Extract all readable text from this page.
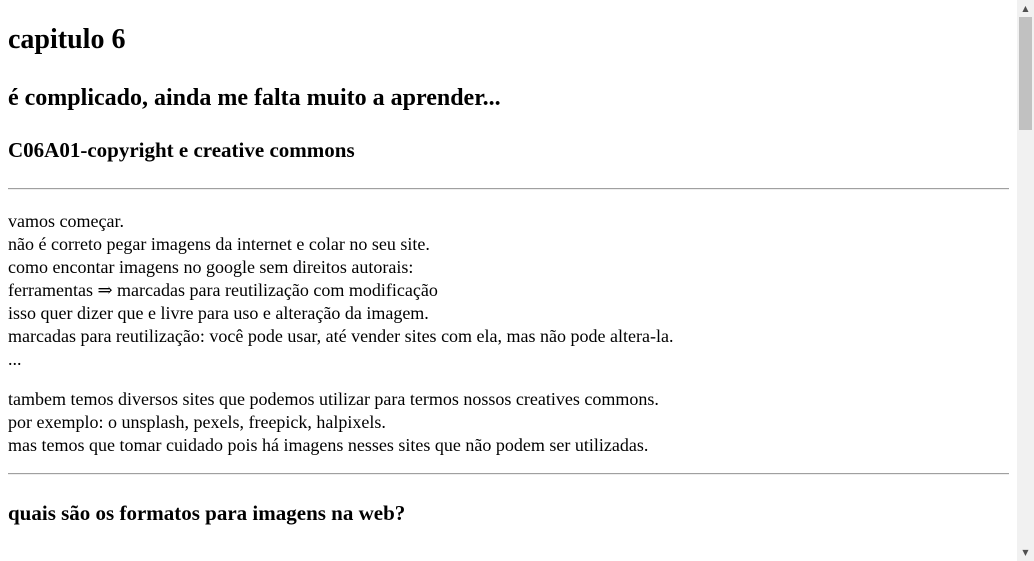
capitulo 6
é complicado, ainda me falta muito a aprender...
C06A01-copyright e creative commons

vamos começar.
não é correto pegar imagens da internet e colar no seu site.
como encontar imagens no google sem direitos autorais:
ferramentas ⇒ marcadas para reutilização com modificação
isso quer dizer que e livre para uso e alteração da imagem.
marcadas para reutilização: você pode usar, até vender sites com ela, mas não pode altera-la.
...

tambem temos diversos sites que podemos utilizar para termos nossos creatives commons.
por exemplo: o unsplash, pexels, freepick, halpixels.
mas temos que tomar cuidado pois há imagens nesses sites que não podem ser utilizadas.

quais são os formatos para imagens na web?
▲
▼
